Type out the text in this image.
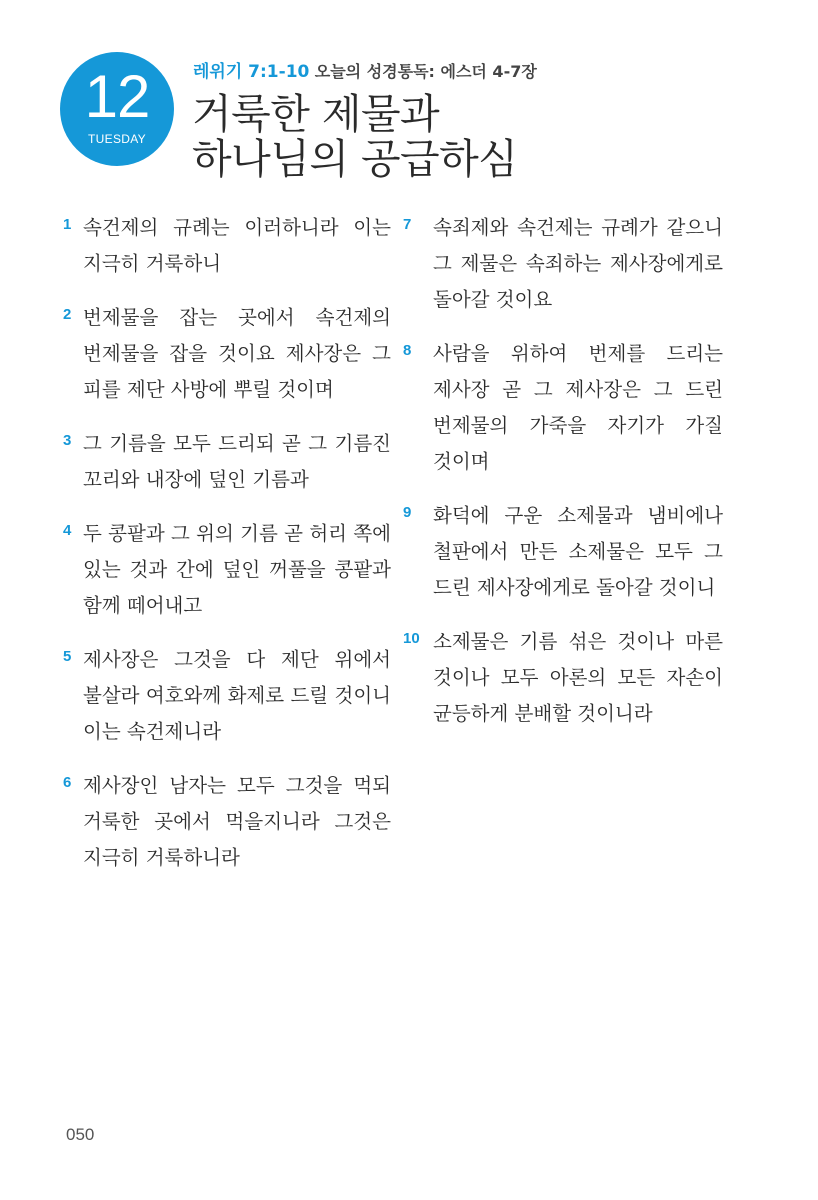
12
TUESDAY
레위기 7:1-10 오늘의 성경통독: 에스더 4-7장
거룩한 제물과
하나님의 공급하심
1 속건제의 규례는 이러하니라 이는 지극히 거룩하니
2 번제물을 잡는 곳에서 속건제의 번제물을 잡을 것이요 제사장은 그 피를 제단 사방에 뿌릴 것이며
3 그 기름을 모두 드리되 곧 그 기름진 꼬리와 내장에 덮인 기름과
4 두 콩팥과 그 위의 기름 곧 허리 쪽에 있는 것과 간에 덮인 꺼풀을 콩팥과 함께 떼어내고
5 제사장은 그것을 다 제단 위에서 불살라 여호와께 화제로 드릴 것이니 이는 속건제니라
6 제사장인 남자는 모두 그것을 먹되 거룩한 곳에서 먹을지니라 그것은 지극히 거룩하니라
7 속죄제와 속건제는 규례가 같으니 그 제물은 속죄하는 제사장에게로 돌아갈 것이요
8 사람을 위하여 번제를 드리는 제사장 곧 그 제사장은 그 드린 번제물의 가죽을 자기가 가질 것이며
9 화덕에 구운 소제물과 냄비에나 철판에서 만든 소제물은 모두 그 드린 제사장에게로 돌아갈 것이니
10 소제물은 기름 섞은 것이나 마른 것이나 모두 아론의 모든 자손이 균등하게 분배할 것이니라
050
